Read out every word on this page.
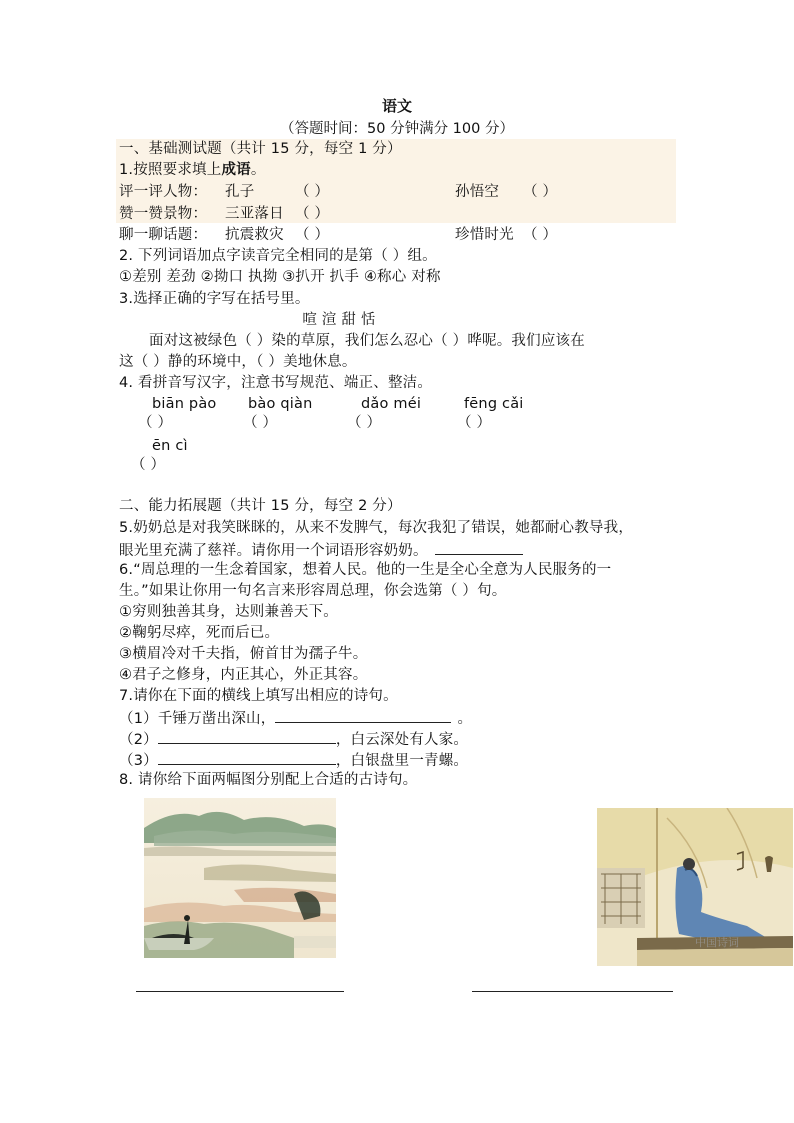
语文
（答题时间：50 分钟满分 100 分）
一、基础测试题（共计 15 分，每空 1 分）
1.按照要求填上成语。
评一评人物： 孔子	（ ）	孙悟空 （ ）
赞一赞景物： 三亚落日 （ ）
聊一聊话题： 抗震救灾 （ ）	珍惜时光 （ ）
2. 下列词语加点字读音完全相同的是第（ ）组。
①差别 差劲 ②拗口 执拗 ③扒开 扒手 ④称心 对称
3.选择正确的字写在括号里。
喧 渲 甜 恬
面对这被绿色（ ）染的草原，我们怎么忍心（ ）哗呢。我们应该在
这（ ）静的环境中，（ ）美地休息。
4. 看拼音写汉字，注意书写规范、端正、整洁。
biān pào bào qiàn	dǎo méi	fēng cǎi
（ ）	（ ）	（ ）	（ ）
ēn cì
（ ）
二、能力拓展题（共计 15 分，每空 2 分）
5.奶奶总是对我笑眯眯的，从来不发脾气，每次我犯了错误，她都耐心教导我，
眼光里充满了慈祥。请你用一个词语形容奶奶。
6.“周总理的一生念着国家，想着人民。他的一生是全心全意为人民服务的一
生。”如果让你用一句名言来形容周总理，你会选第（ ）句。
①穷则独善其身，达则兼善天下。
②鞠躬尽瘁，死而后已。
③横眉冷对千夫指，俯首甘为孺子牛。
④君子之修身，内正其心，外正其容。
7.请你在下面的横线上填写出相应的诗句。
（1）千锤万凿出深山，	。
（2）	，白云深处有人家。
（3）	，白银盘里一青螺。
8. 请你给下面两幅图分别配上合适的古诗句。
中国诗词
